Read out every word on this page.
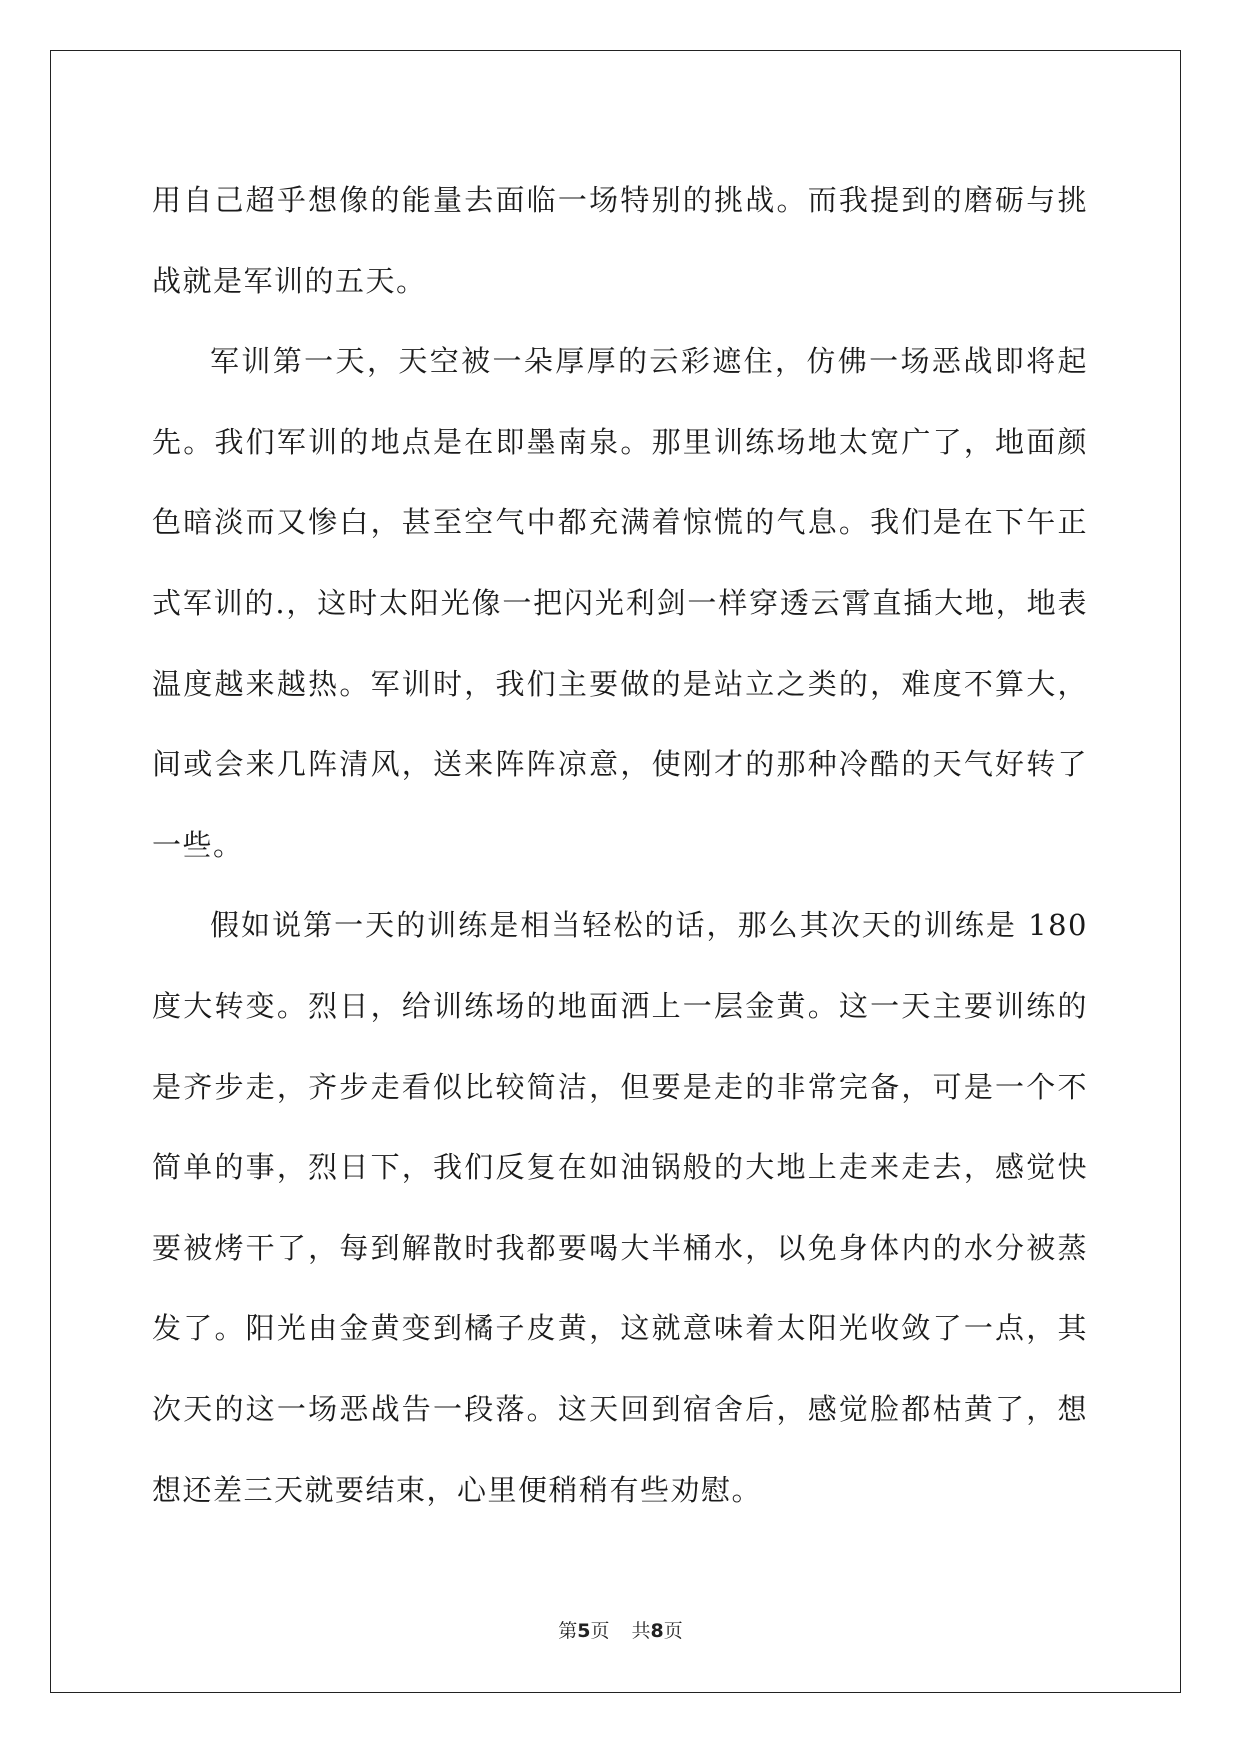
用自己超乎想像的能量去面临一场特别的挑战。而我提到的磨砺与挑战就是军训的五天。

军训第一天，天空被一朵厚厚的云彩遮住，仿佛一场恶战即将起先。我们军训的地点是在即墨南泉。那里训练场地太宽广了，地面颜色暗淡而又惨白，甚至空气中都充满着惊慌的气息。我们是在下午正式军训的.，这时太阳光像一把闪光利剑一样穿透云霄直插大地，地表温度越来越热。军训时，我们主要做的是站立之类的，难度不算大，间或会来几阵清风，送来阵阵凉意，使刚才的那种冷酷的天气好转了一些。

假如说第一天的训练是相当轻松的话，那么其次天的训练是 180 度大转变。烈日，给训练场的地面洒上一层金黄。这一天主要训练的是齐步走，齐步走看似比较简洁，但要是走的非常完备，可是一个不简单的事，烈日下，我们反复在如油锅般的大地上走来走去，感觉快要被烤干了，每到解散时我都要喝大半桶水，以免身体内的水分被蒸发了。阳光由金黄变到橘子皮黄，这就意味着太阳光收敛了一点，其次天的这一场恶战告一段落。这天回到宿舍后，感觉脸都枯黄了，想想还差三天就要结束，心里便稍稍有些劝慰。

第5页 共8页
